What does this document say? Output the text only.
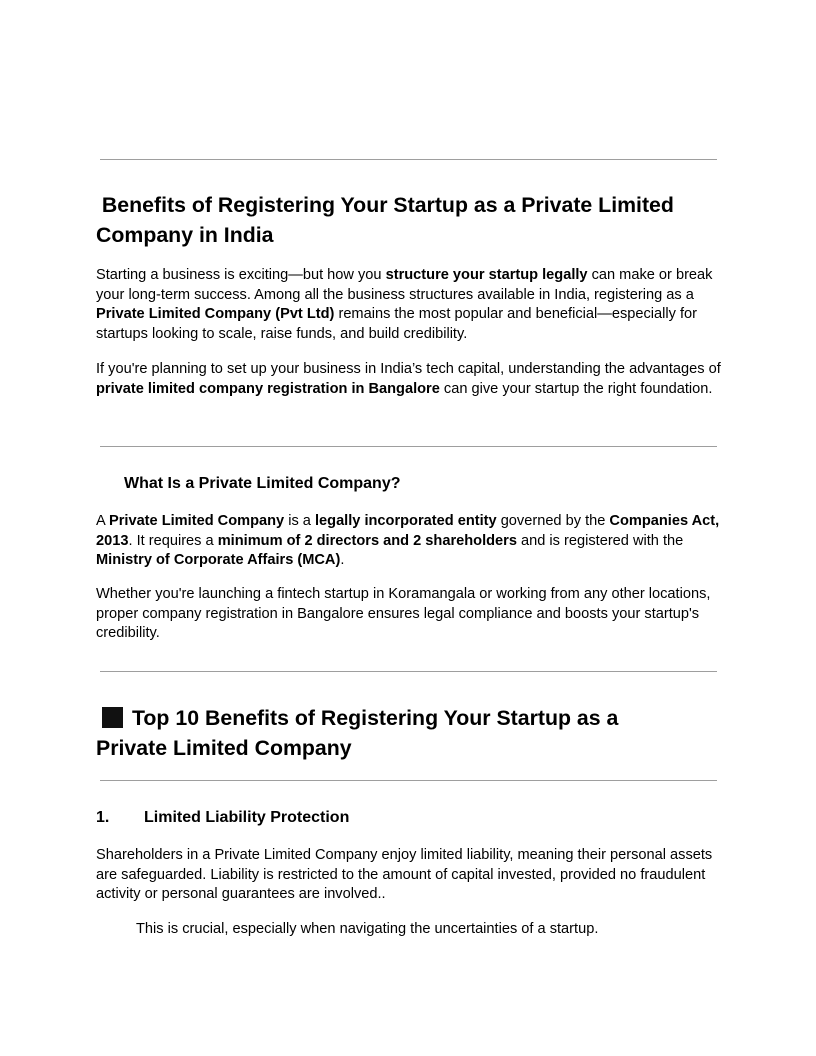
Benefits of Registering Your Startup as a Private Limited
Company in India

Starting a business is exciting—but how you structure your startup legally can make or break your long-term success. Among all the business structures available in India, registering as a Private Limited Company (Pvt Ltd) remains the most popular and beneficial—especially for startups looking to scale, raise funds, and build credibility.

If you're planning to set up your business in India’s tech capital, understanding the advantages of private limited company registration in Bangalore can give your startup the right foundation.

What Is a Private Limited Company?

A Private Limited Company is a legally incorporated entity governed by the Companies Act, 2013. It requires a minimum of 2 directors and 2 shareholders and is registered with the Ministry of Corporate Affairs (MCA).

Whether you're launching a fintech startup in Koramangala or working from any other locations, proper company registration in Bangalore ensures legal compliance and boosts your startup's credibility.

Top 10 Benefits of Registering Your Startup as a
Private Limited Company
1. Limited Liability Protection

Shareholders in a Private Limited Company enjoy limited liability, meaning their personal assets are safeguarded. Liability is restricted to the amount of capital invested, provided no fraudulent activity or personal guarantees are involved..

This is crucial, especially when navigating the uncertainties of a startup.
